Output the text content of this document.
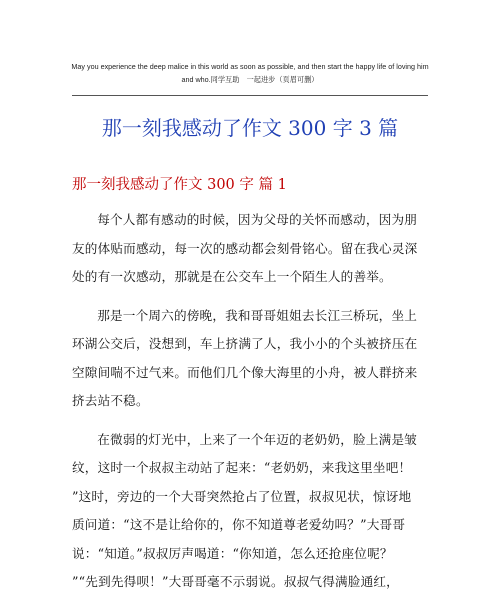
May you experience the deep malice in this world as soon as possible, and then start the happy life of loving him
and who.同学互助　一起进步（页眉可删）
那一刻我感动了作文 300 字 3 篇
那一刻我感动了作文 300 字 篇 1

每个人都有感动的时候，因为父母的关怀而感动，因为朋
友的体贴而感动，每一次的感动都会刻骨铭心。留在我心灵深
处的有一次感动，那就是在公交车上一个陌生人的善举。

那是一个周六的傍晚，我和哥哥姐姐去长江三桥玩，坐上
环湖公交后，没想到，车上挤满了人，我小小的个头被挤压在
空隙间喘不过气来。而他们几个像大海里的小舟，被人群挤来
挤去站不稳。

在微弱的灯光中，上来了一个年迈的老奶奶，脸上满是皱
纹，这时一个叔叔主动站了起来：“老奶奶，来我这里坐吧！
”这时，旁边的一个大哥突然抢占了位置，叔叔见状，惊讶地
质问道：“这不是让给你的，你不知道尊老爱幼吗？”大哥哥
说：“知道。”叔叔厉声喝道：“你知道，怎么还抢座位呢？
”“先到先得呗！”大哥哥毫不示弱说。叔叔气得满脸通红，
